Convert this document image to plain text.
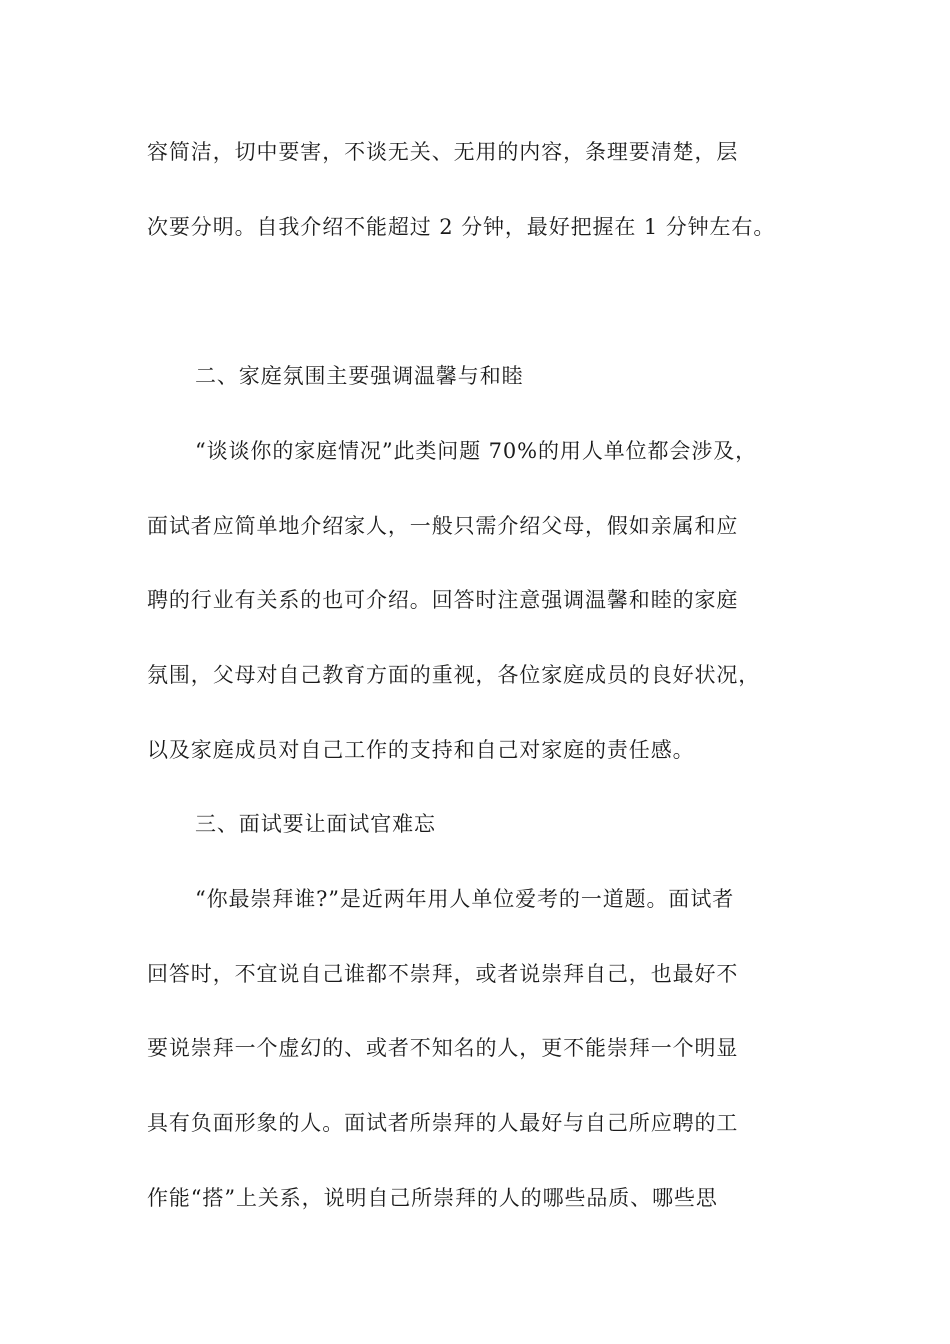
容简洁，切中要害，不谈无关、无用的内容，条理要清楚，层
次要分明。自我介绍不能超过 2 分钟，最好把握在 1 分钟左右。
二、家庭氛围主要强调温馨与和睦
“谈谈你的家庭情况”此类问题 70%的用人单位都会涉及，
面试者应简单地介绍家人，一般只需介绍父母，假如亲属和应
聘的行业有关系的也可介绍。回答时注意强调温馨和睦的家庭
氛围，父母对自己教育方面的重视，各位家庭成员的良好状况，
以及家庭成员对自己工作的支持和自己对家庭的责任感。
三、面试要让面试官难忘
“你最崇拜谁?”是近两年用人单位爱考的一道题。面试者
回答时，不宜说自己谁都不崇拜，或者说崇拜自己，也最好不
要说崇拜一个虚幻的、或者不知名的人，更不能崇拜一个明显
具有负面形象的人。面试者所崇拜的人最好与自己所应聘的工
作能“搭”上关系，说明自己所崇拜的人的哪些品质、哪些思
